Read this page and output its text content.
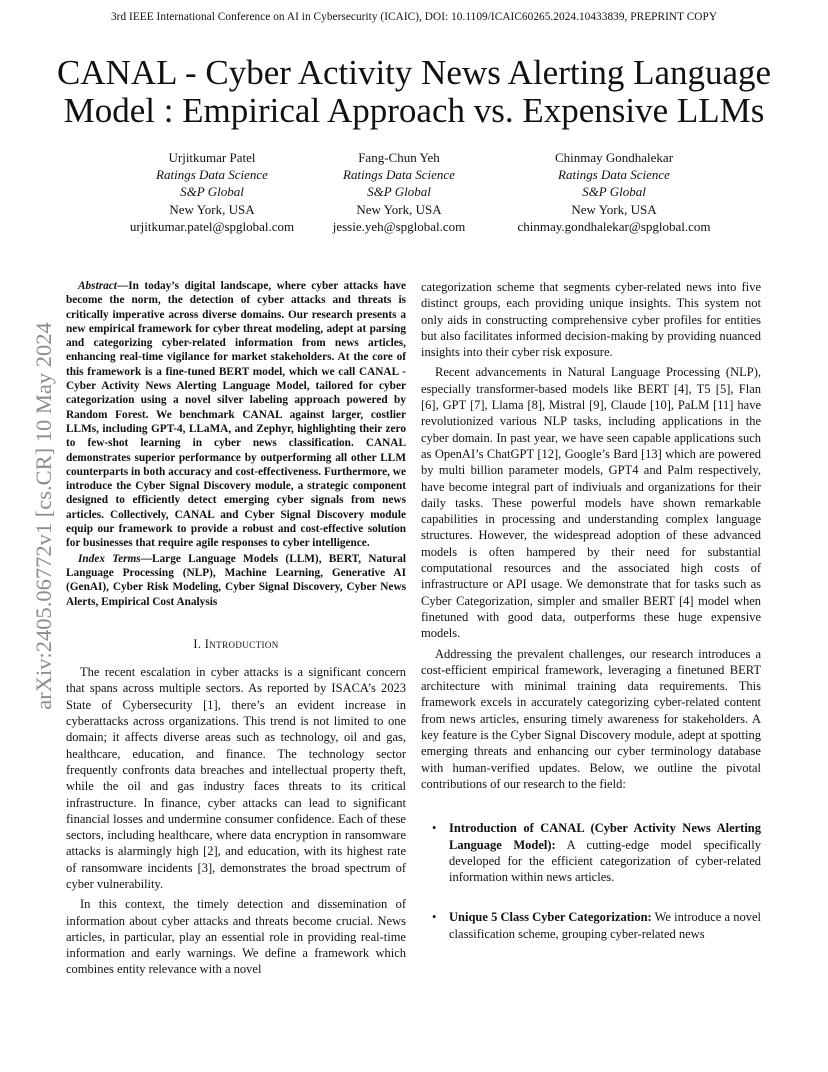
3rd IEEE International Conference on AI in Cybersecurity (ICAIC), DOI: 10.1109/ICAIC60265.2024.10433839, PREPRINT COPY
CANAL - Cyber Activity News Alerting Language Model : Empirical Approach vs. Expensive LLMs
Urjitkumar Patel
Ratings Data Science
S&P Global
New York, USA
urjitkumar.patel@spglobal.com
Fang-Chun Yeh
Ratings Data Science
S&P Global
New York, USA
jessie.yeh@spglobal.com
Chinmay Gondhalekar
Ratings Data Science
S&P Global
New York, USA
chinmay.gondhalekar@spglobal.com
arXiv:2405.06772v1 [cs.CR] 10 May 2024

Abstract—In today’s digital landscape, where cyber attacks have become the norm, the detection of cyber attacks and threats is critically imperative across diverse domains. Our research presents a new empirical framework for cyber threat modeling, adept at parsing and categorizing cyber-related information from news articles, enhancing real-time vigilance for market stakeholders. At the core of this framework is a fine-tuned BERT model, which we call CANAL - Cyber Activity News Alerting Language Model, tailored for cyber categorization using a novel silver labeling approach powered by Random Forest. We benchmark CANAL against larger, costlier LLMs, including GPT-4, LLaMA, and Zephyr, highlighting their zero to few-shot learning in cyber news classification. CANAL demonstrates superior performance by outperforming all other LLM counterparts in both accuracy and cost-effectiveness. Furthermore, we introduce the Cyber Signal Discovery module, a strategic component designed to efficiently detect emerging cyber signals from news articles. Collectively, CANAL and Cyber Signal Discovery module equip our framework to provide a robust and cost-effective solution for businesses that require agile responses to cyber intelligence.

Index Terms—Large Language Models (LLM), BERT, Natural Language Processing (NLP), Machine Learning, Generative AI (GenAI), Cyber Risk Modeling, Cyber Signal Discovery, Cyber News Alerts, Empirical Cost Analysis

I. Introduction

The recent escalation in cyber attacks is a significant concern that spans across multiple sectors. As reported by ISACA’s 2023 State of Cybersecurity [1], there’s an evident increase in cyberattacks across organizations. This trend is not limited to one domain; it affects diverse areas such as technology, oil and gas, healthcare, education, and finance. The technology sector frequently confronts data breaches and intellectual property theft, while the oil and gas industry faces threats to its critical infrastructure. In finance, cyber attacks can lead to significant financial losses and undermine consumer confidence. Each of these sectors, including healthcare, where data encryption in ransomware attacks is alarmingly high [2], and education, with its highest rate of ransomware incidents [3], demonstrates the broad spectrum of cyber vulnerability.

In this context, the timely detection and dissemination of information about cyber attacks and threats become crucial. News articles, in particular, play an essential role in providing real-time information and early warnings. We define a framework which combines entity relevance with a novel

categorization scheme that segments cyber-related news into five distinct groups, each providing unique insights. This system not only aids in constructing comprehensive cyber profiles for entities but also facilitates informed decision-making by providing nuanced insights into their cyber risk exposure.

Recent advancements in Natural Language Processing (NLP), especially transformer-based models like BERT [4], T5 [5], Flan [6], GPT [7], Llama [8], Mistral [9], Claude [10], PaLM [11] have revolutionized various NLP tasks, including applications in the cyber domain. In past year, we have seen capable applications such as OpenAI’s ChatGPT [12], Google’s Bard [13] which are powered by multi billion parameter models, GPT4 and Palm respectively, have become integral part of indiviuals and organizations for their daily tasks. These powerful models have shown remarkable capabilities in processing and understanding complex language structures. However, the widespread adoption of these advanced models is often hampered by their need for substantial computational resources and the associated high costs of infrastructure or API usage. We demonstrate that for tasks such as Cyber Categorization, simpler and smaller BERT [4] model when finetuned with good data, outperforms these huge expensive models.

Addressing the prevalent challenges, our research introduces a cost-efficient empirical framework, leveraging a finetuned BERT architecture with minimal training data requirements. This framework excels in accurately categorizing cyber-related content from news articles, ensuring timely awareness for stakeholders. A key feature is the Cyber Signal Discovery module, adept at spotting emerging threats and enhancing our cyber terminology database with human-verified updates. Below, we outline the pivotal contributions of our research to the field:

• Introduction of CANAL (Cyber Activity News Alerting Language Model): A cutting-edge model specifically developed for the efficient categorization of cyber-related information within news articles.
• Unique 5 Class Cyber Categorization: We introduce a novel classification scheme, grouping cyber-related news
